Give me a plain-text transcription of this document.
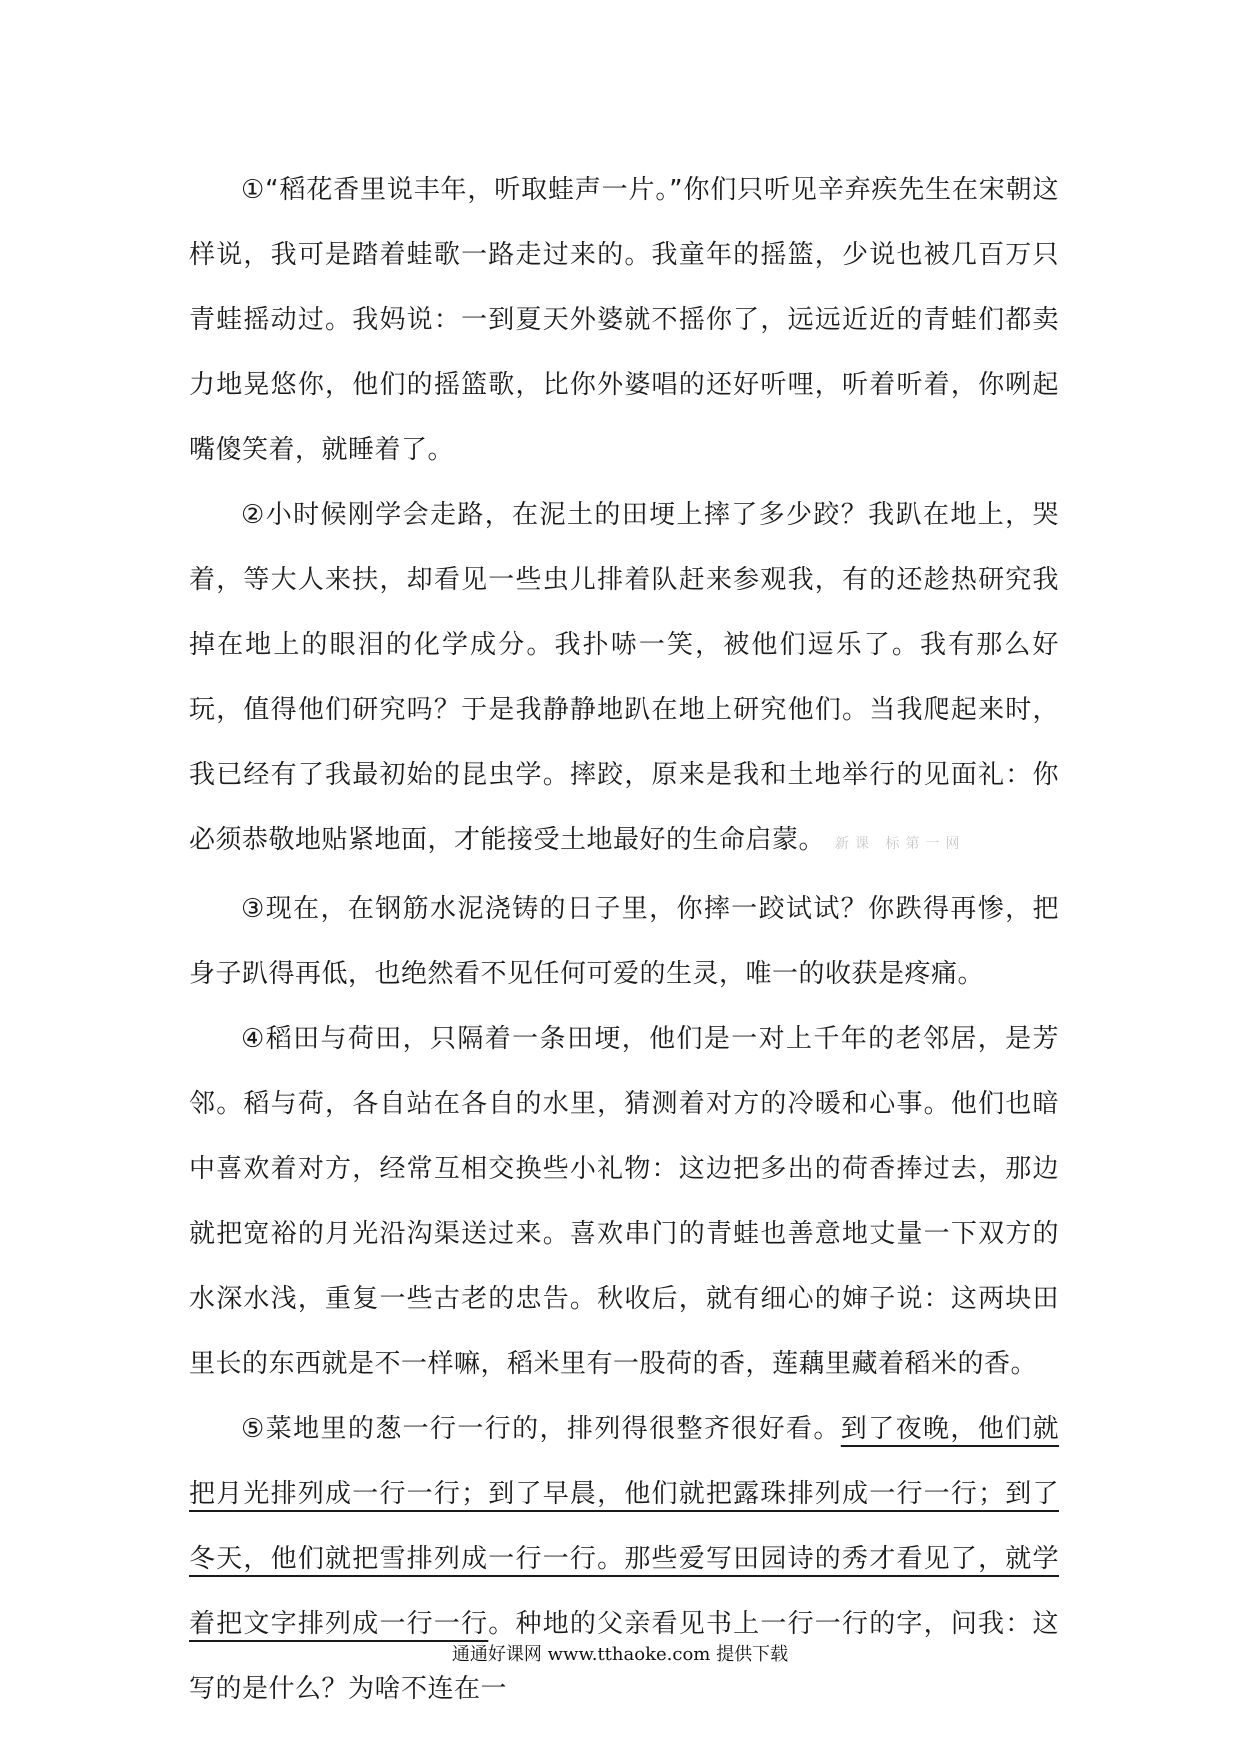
①“稻花香里说丰年，听取蛙声一片。”你们只听见辛弃疾先生在宋朝这样说，我可是踏着蛙歌一路走过来的。我童年的摇篮，少说也被几百万只青蛙摇动过。我妈说：一到夏天外婆就不摇你了，远远近近的青蛙们都卖力地晃悠你，他们的摇篮歌，比你外婆唱的还好听哩，听着听着，你咧起嘴傻笑着，就睡着了。

②小时候刚学会走路，在泥土的田埂上摔了多少跤？我趴在地上，哭着，等大人来扶，却看见一些虫儿排着队赶来参观我，有的还趁热研究我掉在地上的眼泪的化学成分。我扑哧一笑，被他们逗乐了。我有那么好玩，值得他们研究吗？于是我静静地趴在地上研究他们。当我爬起来时，我已经有了我最初始的昆虫学。摔跤，原来是我和土地举行的见面礼：你必须恭敬地贴紧地面，才能接受土地最好的生命启蒙。 新课 标第一网

③现在，在钢筋水泥浇铸的日子里，你摔一跤试试？你跌得再惨，把身子趴得再低，也绝然看不见任何可爱的生灵，唯一的收获是疼痛。

④稻田与荷田，只隔着一条田埂，他们是一对上千年的老邻居，是芳邻。稻与荷，各自站在各自的水里，猜测着对方的冷暖和心事。他们也暗中喜欢着对方，经常互相交换些小礼物：这边把多出的荷香捧过去，那边就把宽裕的月光沿沟渠送过来。喜欢串门的青蛙也善意地丈量一下双方的水深水浅，重复一些古老的忠告。秋收后，就有细心的婶子说：这两块田里长的东西就是不一样嘛，稻米里有一股荷的香，莲藕里藏着稻米的香。

⑤菜地里的葱一行一行的，排列得很整齐很好看。到了夜晚，他们就把月光排列成一行一行；到了早晨，他们就把露珠排列成一行一行；到了冬天，他们就把雪排列成一行一行。那些爱写田园诗的秀才看见了，就学着把文字排列成一行一行。种地的父亲看见书上一行一行的字，问我：这写的是什么？为啥不连在一

通通好课网 www.tthaoke.com 提供下载
